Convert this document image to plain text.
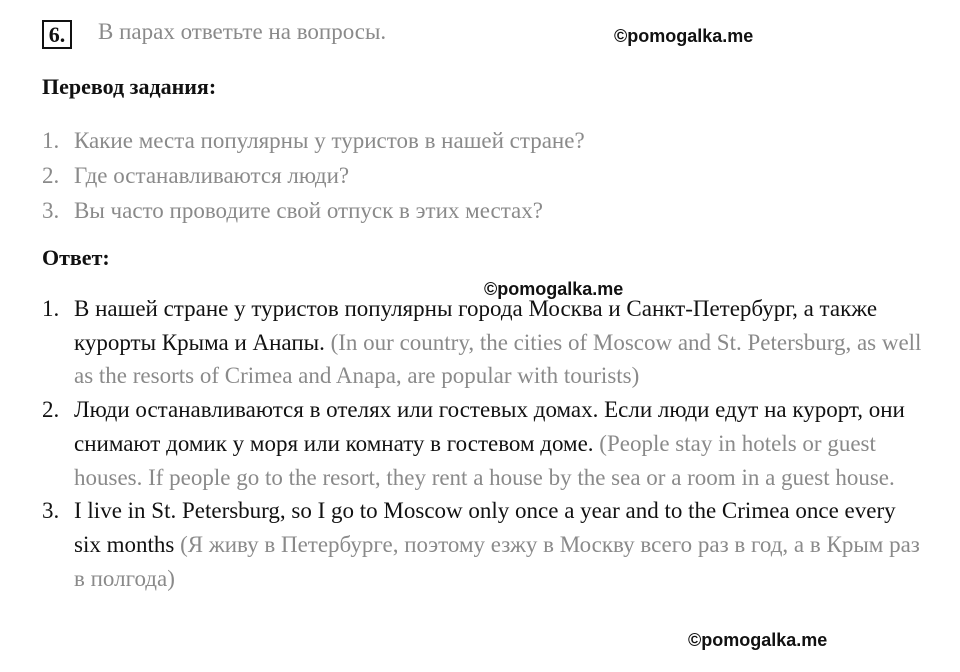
6. В парах ответьте на вопросы.	©pomogalka.me
Перевод задания:
1. Какие места популярны у туристов в нашей стране?
2. Где останавливаются люди?
3. Вы часто проводите свой отпуск в этих местах?
Ответ:
©pomogalka.me
1. В нашей стране у туристов популярны города Москва и Санкт-Петербург, а также курорты Крыма и Анапы. (In our country, the cities of Moscow and St. Petersburg, as well as the resorts of Crimea and Anapa, are popular with tourists)
2. Люди останавливаются в отелях или гостевых домах. Если люди едут на курорт, они снимают домик у моря или комнату в гостевом доме. (People stay in hotels or guest houses. If people go to the resort, they rent a house by the sea or a room in a guest house.
3. I live in St. Petersburg, so I go to Moscow only once a year and to the Crimea once every six months (Я живу в Петербурге, поэтому езжу в Москву всего раз в год, а в Крым раз в полгода)
©pomogalka.me
